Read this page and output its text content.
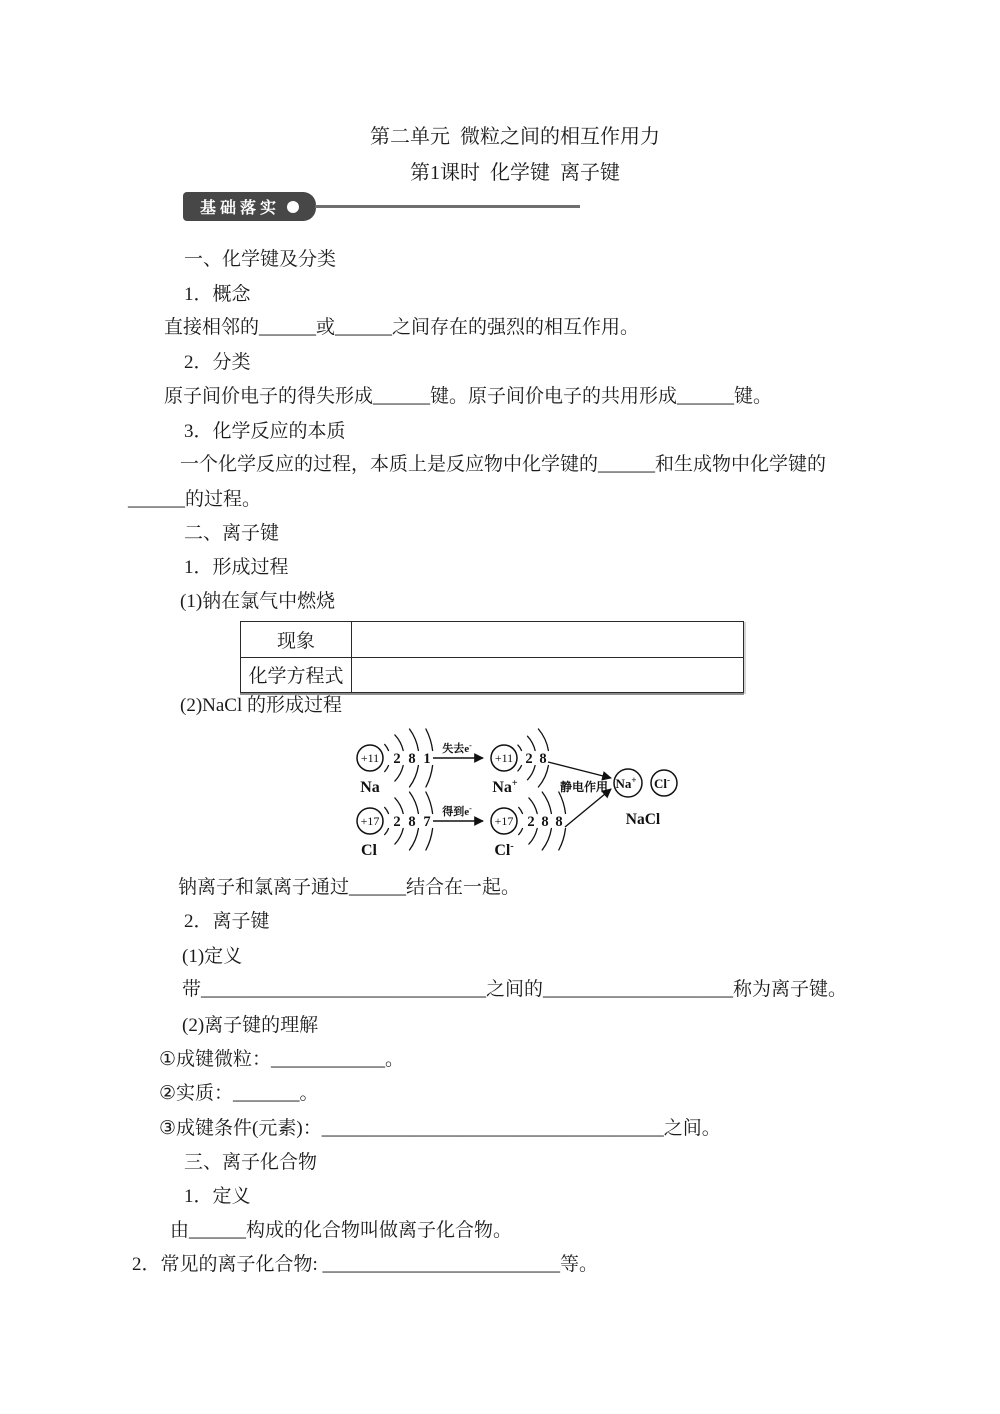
第二单元  微粒之间的相互作用力
第1课时  化学键  离子键
基础落实
一、化学键及分类
1．概念
直接相邻的______或______之间存在的强烈的相互作用。
2．分类
原子间价电子的得失形成______键。原子间价电子的共用形成______键。
3．化学反应的本质
一个化学反应的过程，本质上是反应物中化学键的______和生成物中化学键的
______的过程。
二、离子键
1．形成过程
(1)钠在氯气中燃烧
现象
化学方程式
(2)NaCl 的形成过程
+11 2 8 1
Na
失去e-
+11 2 8
Na+
+17 2 8 7
Cl
得到e-
+17 2 8 8
Cl-
静电作用 Na+ Cl-
NaCl
钠离子和氯离子通过______结合在一起。
2．离子键
(1)定义
带______________________________之间的____________________称为离子键。
(2)离子键的理解
①成键微粒：____________。
②实质：_______。
③成键条件(元素)：____________________________________之间。
三、离子化合物
1．定义
由______构成的化合物叫做离子化合物。
2．常见的离子化合物: _________________________等。
